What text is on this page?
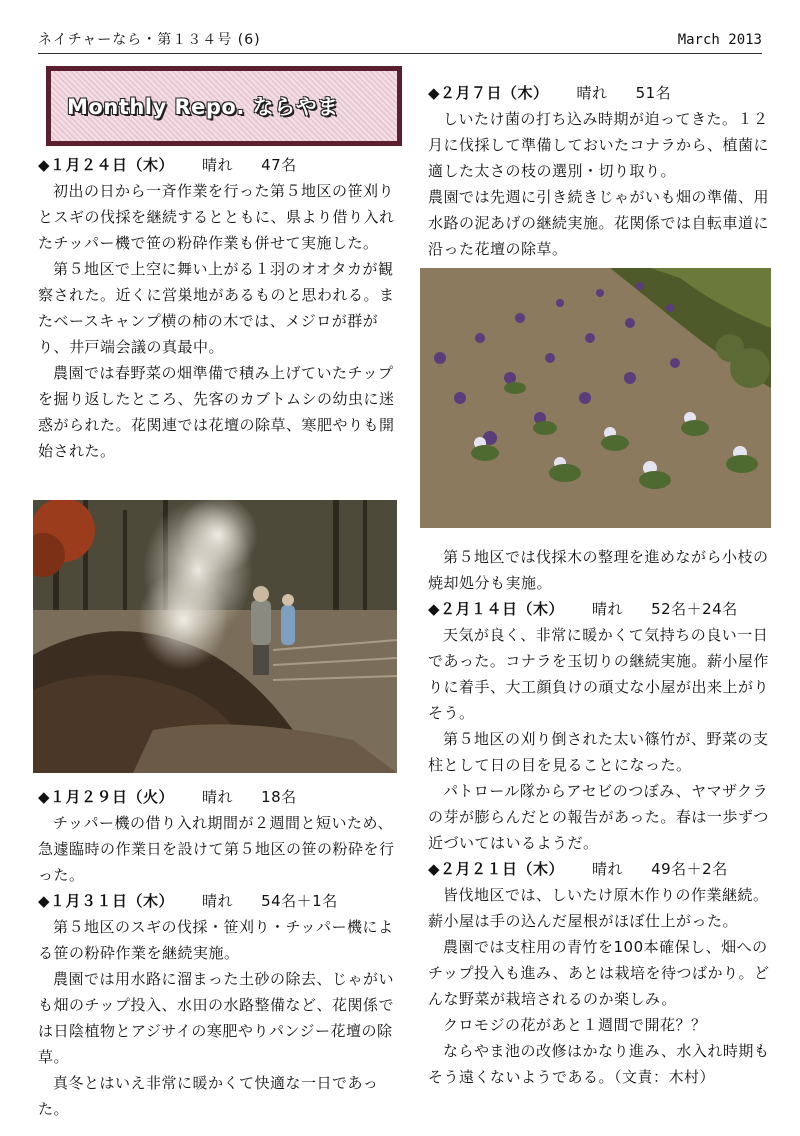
ネイチャーなら・第１３４号 (6)	March 2013
Monthly Repo. ならやま
◆１月２４日（木） 晴れ 47名

初出の日から一斉作業を行った第５地区の笹刈りとスギの伐採を継続するとともに、県より借り入れたチッパー機で笹の粉砕作業も併せて実施した。

第５地区で上空に舞い上がる１羽のオオタカが観察された。近くに営巣地があるものと思われる。またベースキャンプ横の柿の木では、メジロが群がり、井戸端会議の真最中。

農園では春野菜の畑準備で積み上げていたチップを掘り返したところ、先客のカブトムシの幼虫に迷惑がられた。花関連では花壇の除草、寒肥やりも開始された。

◆１月２９日（火） 晴れ 18名

チッパー機の借り入れ期間が２週間と短いため、急遽臨時の作業日を設けて第５地区の笹の粉砕を行った。

◆１月３１日（木） 晴れ 54名＋1名

第５地区のスギの伐採・笹刈り・チッパー機による笹の粉砕作業を継続実施。

農園では用水路に溜まった土砂の除去、じゃがいも畑のチップ投入、水田の水路整備など、花関係では日陰植物とアジサイの寒肥やりパンジー花壇の除草。

真冬とはいえ非常に暖かくて快適な一日であった。

◆２月７日（木） 晴れ 51名

しいたけ菌の打ち込み時期が迫ってきた。１２月に伐採して準備しておいたコナラから、植菌に適した太さの枝の選別・切り取り。

農園では先週に引き続きじゃがいも畑の準備、用水路の泥あげの継続実施。花関係では自転車道に沿った花壇の除草。

第５地区では伐採木の整理を進めながら小枝の焼却処分も実施。

◆２月１４日（木） 晴れ 52名＋24名

天気が良く、非常に暖かくて気持ちの良い一日であった。コナラを玉切りの継続実施。薪小屋作りに着手、大工顔負けの頑丈な小屋が出来上がりそう。

第５地区の刈り倒された太い篠竹が、野菜の支柱として日の目を見ることになった。

パトロール隊からアセビのつぼみ、ヤマザクラの芽が膨らんだとの報告があった。春は一歩ずつ近づいてはいるようだ。

◆２月２１日（木） 晴れ 49名＋2名

皆伐地区では、しいたけ原木作りの作業継続。薪小屋は手の込んだ屋根がほぼ仕上がった。

農園では支柱用の青竹を100本確保し、畑へのチップ投入も進み、あとは栽培を待つばかり。どんな野菜が栽培されるのか楽しみ。

クロモジの花があと１週間で開花？？

ならやま池の改修はかなり進み、水入れ時期もそう遠くないようである。（文責：木村）
